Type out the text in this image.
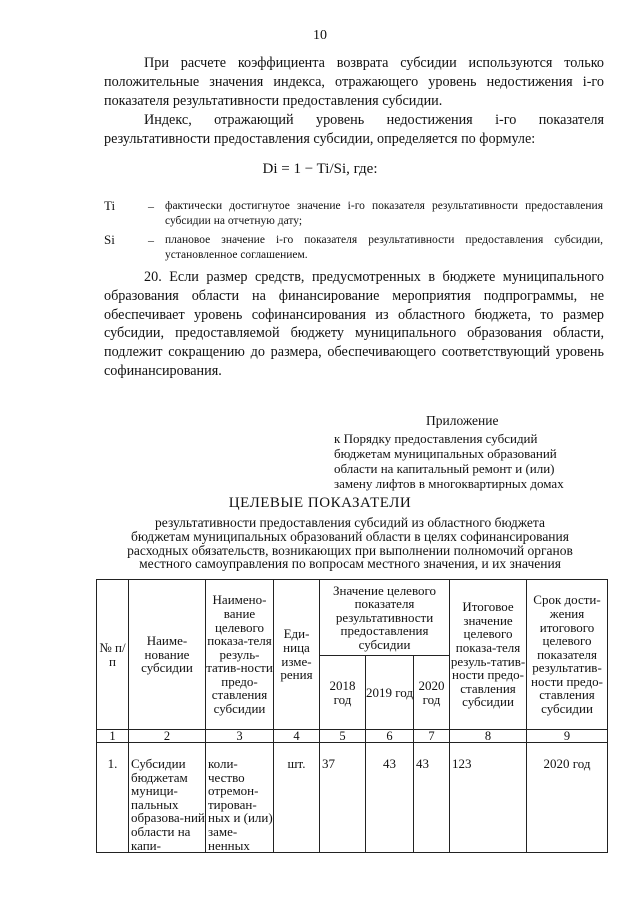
10
При расчете коэффициента возврата субсидии используются только положительные значения индекса, отражающего уровень недостижения i-го показателя результативности предоставления субсидии.
Индекс, отражающий уровень недостижения i-го показателя результативности предоставления субсидии, определяется по формуле:
Di = 1 − Ti/Si, где:
Ti	– фактически достигнутое значение i-го показателя результативности предоставления субсидии на отчетную дату;
Si	– плановое значение i-го показателя результативности предоставления субсидии, установленное соглашением.
20. Если размер средств, предусмотренных в бюджете муниципального образования области на финансирование мероприятия подпрограммы, не обеспечивает уровень софинансирования из областного бюджета, то размер субсидии, предоставляемой бюджету муниципального образования области, подлежит сокращению до размера, обеспечивающего соответствующий уровень софинансирования.
Приложение
к Порядку предоставления субсидий
бюджетам муниципальных образований
области на капитальный ремонт и (или)
замену лифтов в многоквартирных домах
ЦЕЛЕВЫЕ ПОКАЗАТЕЛИ
результативности предоставления субсидий из областного бюджета
бюджетам муниципальных образований области в целях софинансирования
расходных обязательств, возникающих при выполнении полномочий органов
местного самоуправления по вопросам местного значения, и их значения
№ п/п	Наиме-нование субсидии	Наимено-вание целевого показа-теля резуль-татив-ности предо-ставления субсидии	Еди-ница изме-рения	Значение целевого показателя результативности предоставления субсидии			Итоговое значение целевого показа-теля резуль-татив-ности предо-ставления субсидии	Срок дости-жения итогового целевого показателя результатив-ности предо-ставления субсидии
				2018 год	2019 год	2020 год		
1	2	3	4	5	6	7	8	9
1.	Субсидии бюджетам муници-пальных образова-ний области на капи-	коли-чество отремон-тирован-ных и (или) заме-ненных	шт.	37	43	43	123	2020 год
